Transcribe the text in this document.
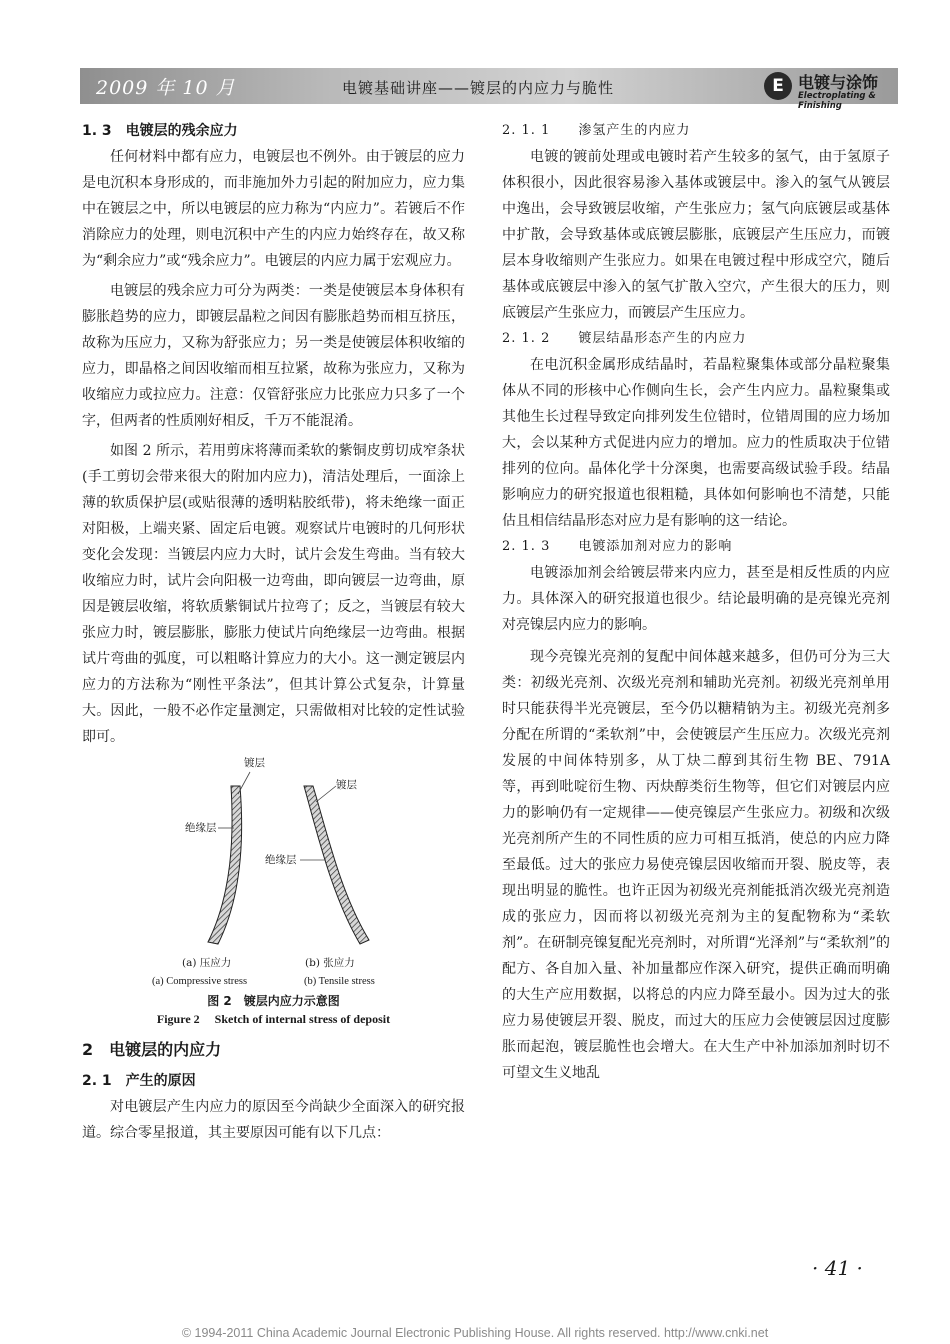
2009 年 10 月	电镀基础讲座——镀层的内应力与脆性	E 电镀与涂饰
Electroplating & Finishing
1. 3　电镀层的残余应力

任何材料中都有应力，电镀层也不例外。由于镀层的应力是电沉积本身形成的，而非施加外力引起的附加应力，应力集中在镀层之中，所以电镀层的应力称为“内应力”。若镀后不作消除应力的处理，则电沉积中产生的内应力始终存在，故又称为“剩余应力”或“残余应力”。电镀层的内应力属于宏观应力。

电镀层的残余应力可分为两类：一类是使镀层本身体积有膨胀趋势的应力，即镀层晶粒之间因有膨胀趋势而相互挤压，故称为压应力，又称为舒张应力；另一类是使镀层体积收缩的应力，即晶格之间因收缩而相互拉紧，故称为张应力，又称为收缩应力或拉应力。注意：仅管舒张应力比张应力只多了一个字，但两者的性质刚好相反，千万不能混淆。

如图 2 所示，若用剪床将薄而柔软的紫铜皮剪切成窄条状(手工剪切会带来很大的附加内应力)，清洁处理后，一面涂上薄的软质保护层(或贴很薄的透明粘胶纸带)，将未绝缘一面正对阳极，上端夹紧、固定后电镀。观察试片电镀时的几何形状变化会发现：当镀层内应力大时，试片会发生弯曲。当有较大收缩应力时，试片会向阳极一边弯曲，即向镀层一边弯曲，原因是镀层收缩，将软质紫铜试片拉弯了；反之，当镀层有较大张应力时，镀层膨胀，膨胀力使试片向绝缘层一边弯曲。根据试片弯曲的弧度，可以粗略计算应力的大小。这一测定镀层内应力的方法称为“刚性平条法”，但其计算公式复杂，计算量大。因此，一般不必作定量测定，只需做相对比较的定性试验即可。

镀层
绝缘层
镀层
绝缘层
(a) 压应力	(b) 张应力
(a) Compressive stress	(b) Tensile stress
图 2　镀层内应力示意图
Figure 2　 Sketch of internal stress of deposit
2　电镀层的内应力
2. 1　产生的原因

对电镀层产生内应力的原因至今尚缺少全面深入的研究报道。综合零星报道，其主要原因可能有以下几点：

2. 1. 1　　渗氢产生的内应力

电镀的镀前处理或电镀时若产生较多的氢气，由于氢原子体积很小，因此很容易渗入基体或镀层中。渗入的氢气从镀层中逸出，会导致镀层收缩，产生张应力；氢气向底镀层或基体中扩散，会导致基体或底镀层膨胀，底镀层产生压应力，而镀层本身收缩则产生张应力。如果在电镀过程中形成空穴，随后基体或底镀层中渗入的氢气扩散入空穴，产生很大的压力，则底镀层产生张应力，而镀层产生压应力。

2. 1. 2　　镀层结晶形态产生的内应力

在电沉积金属形成结晶时，若晶粒聚集体或部分晶粒聚集体从不同的形核中心作侧向生长，会产生内应力。晶粒聚集或其他生长过程导致定向排列发生位错时，位错周围的应力场加大，会以某种方式促进内应力的增加。应力的性质取决于位错排列的位向。晶体化学十分深奥，也需要高级试验手段。结晶影响应力的研究报道也很粗糙，具体如何影响也不清楚，只能估且相信结晶形态对应力是有影响的这一结论。

2. 1. 3　　电镀添加剂对应力的影响

电镀添加剂会给镀层带来内应力，甚至是相反性质的内应力。具体深入的研究报道也很少。结论最明确的是亮镍光亮剂对亮镍层内应力的影响。

现今亮镍光亮剂的复配中间体越来越多，但仍可分为三大类：初级光亮剂、次级光亮剂和辅助光亮剂。初级光亮剂单用时只能获得半光亮镀层，至今仍以糖精钠为主。初级光亮剂多分配在所谓的“柔软剂”中，会使镀层产生压应力。次级光亮剂发展的中间体特别多，从丁炔二醇到其衍生物 BE、791A 等，再到吡啶衍生物、丙炔醇类衍生物等，但它们对镀层内应力的影响仍有一定规律——使亮镍层产生张应力。初级和次级光亮剂所产生的不同性质的应力可相互抵消，使总的内应力降至最低。过大的张应力易使亮镍层因收缩而开裂、脱皮等，表现出明显的脆性。也许正因为初级光亮剂能抵消次级光亮剂造成的张应力，因而将以初级光亮剂为主的复配物称为“柔软剂”。在研制亮镍复配光亮剂时，对所谓“光泽剂”与“柔软剂”的配方、各自加入量、补加量都应作深入研究，提供正确而明确的大生产应用数据，以将总的内应力降至最小。因为过大的张应力易使镀层开裂、脱皮，而过大的压应力会使镀层因过度膨胀而起泡，镀层脆性也会增大。在大生产中补加添加剂时切不可望文生义地乱

· 41 ·
© 1994-2011 China Academic Journal Electronic Publishing House. All rights reserved. http://www.cnki.net
